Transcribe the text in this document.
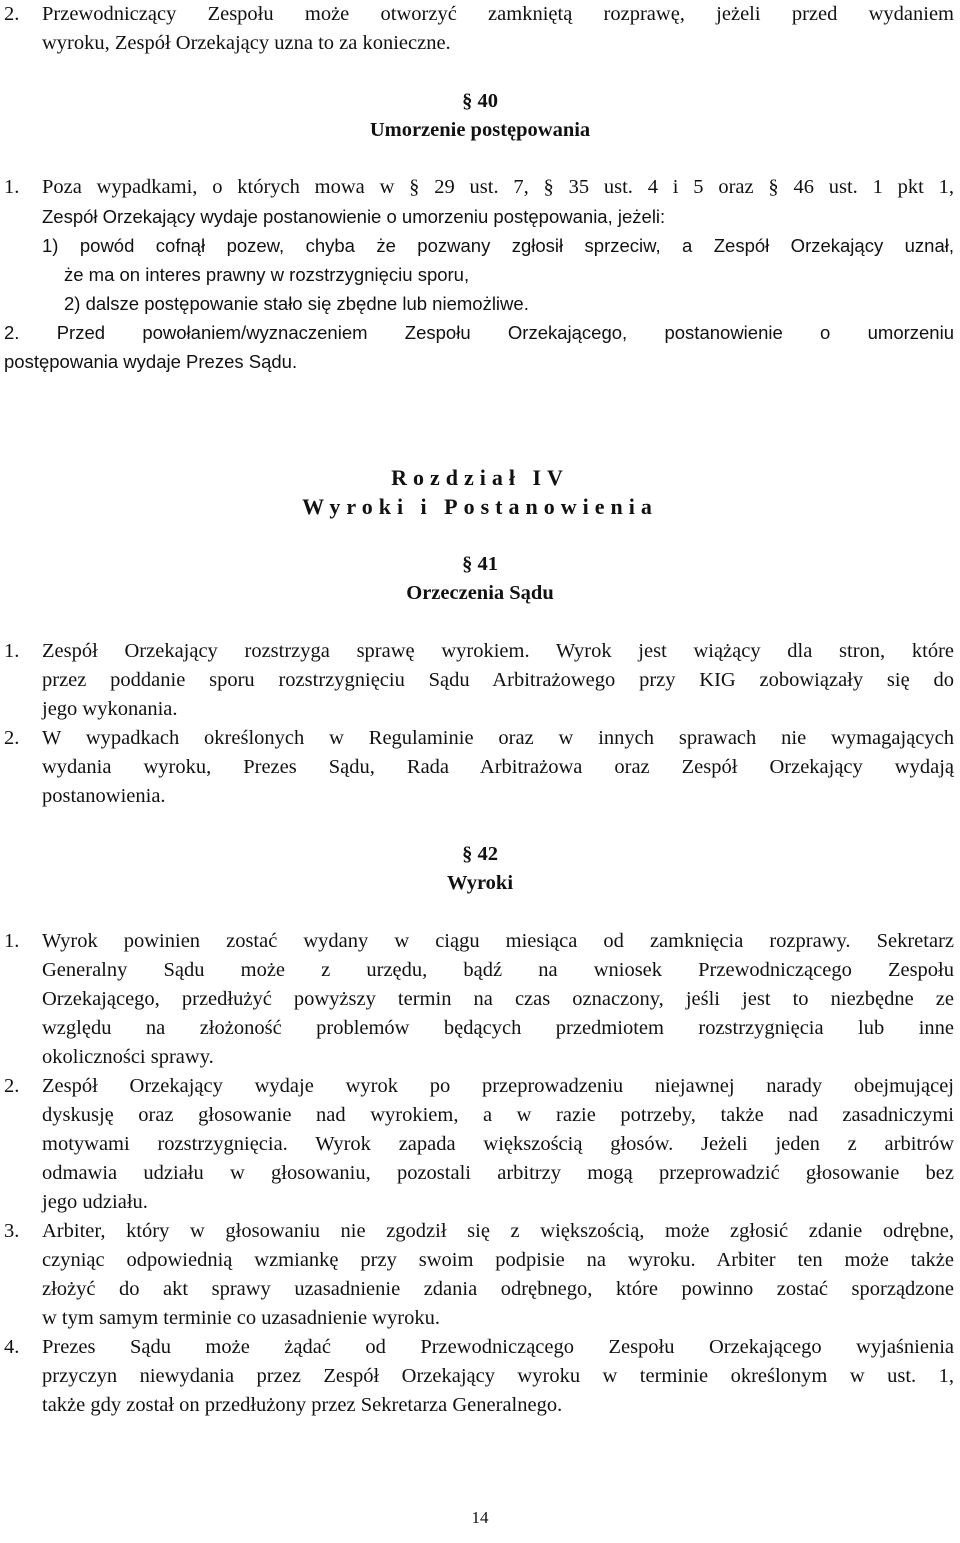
2. Przewodniczący Zespołu może otworzyć zamkniętą rozprawę, jeżeli przed wydaniem
wyroku, Zespół Orzekający uzna to za konieczne.
§ 40
Umorzenie postępowania
1. Poza wypadkami, o których mowa w § 29 ust. 7, § 35 ust. 4 i 5 oraz § 46 ust. 1 pkt 1,
Zespół Orzekający wydaje postanowienie o umorzeniu postępowania, jeżeli:
1) powód cofnął pozew, chyba że pozwany zgłosił sprzeciw, a Zespół Orzekający uznał,
że ma on interes prawny w rozstrzygnięciu sporu,
2) dalsze postępowanie stało się zbędne lub niemożliwe.
2. Przed powołaniem/wyznaczeniem Zespołu Orzekającego, postanowienie o umorzeniu
postępowania wydaje Prezes Sądu.
Rozdział IV
Wyroki i Postanowienia
§ 41
Orzeczenia Sądu
1. Zespół Orzekający rozstrzyga sprawę wyrokiem. Wyrok jest wiążący dla stron, które
przez poddanie sporu rozstrzygnięciu Sądu Arbitrażowego przy KIG zobowiązały się do
jego wykonania.
2. W wypadkach określonych w Regulaminie oraz w innych sprawach nie wymagających
wydania wyroku, Prezes Sądu, Rada Arbitrażowa oraz Zespół Orzekający wydają
postanowienia.
§ 42
Wyroki
1. Wyrok powinien zostać wydany w ciągu miesiąca od zamknięcia rozprawy. Sekretarz
Generalny Sądu może z urzędu, bądź na wniosek Przewodniczącego Zespołu
Orzekającego, przedłużyć powyższy termin na czas oznaczony, jeśli jest to niezbędne ze
względu na złożoność problemów będących przedmiotem rozstrzygnięcia lub inne
okoliczności sprawy.
2. Zespół Orzekający wydaje wyrok po przeprowadzeniu niejawnej narady obejmującej
dyskusję oraz głosowanie nad wyrokiem, a w razie potrzeby, także nad zasadniczymi
motywami rozstrzygnięcia. Wyrok zapada większością głosów. Jeżeli jeden z arbitrów
odmawia udziału w głosowaniu, pozostali arbitrzy mogą przeprowadzić głosowanie bez
jego udziału.
3. Arbiter, który w głosowaniu nie zgodził się z większością, może zgłosić zdanie odrębne,
czyniąc odpowiednią wzmiankę przy swoim podpisie na wyroku. Arbiter ten może także
złożyć do akt sprawy uzasadnienie zdania odrębnego, które powinno zostać sporządzone
w tym samym terminie co uzasadnienie wyroku.
4. Prezes Sądu może żądać od Przewodniczącego Zespołu Orzekającego wyjaśnienia
przyczyn niewydania przez Zespół Orzekający wyroku w terminie określonym w ust. 1,
także gdy został on przedłużony przez Sekretarza Generalnego.
14
